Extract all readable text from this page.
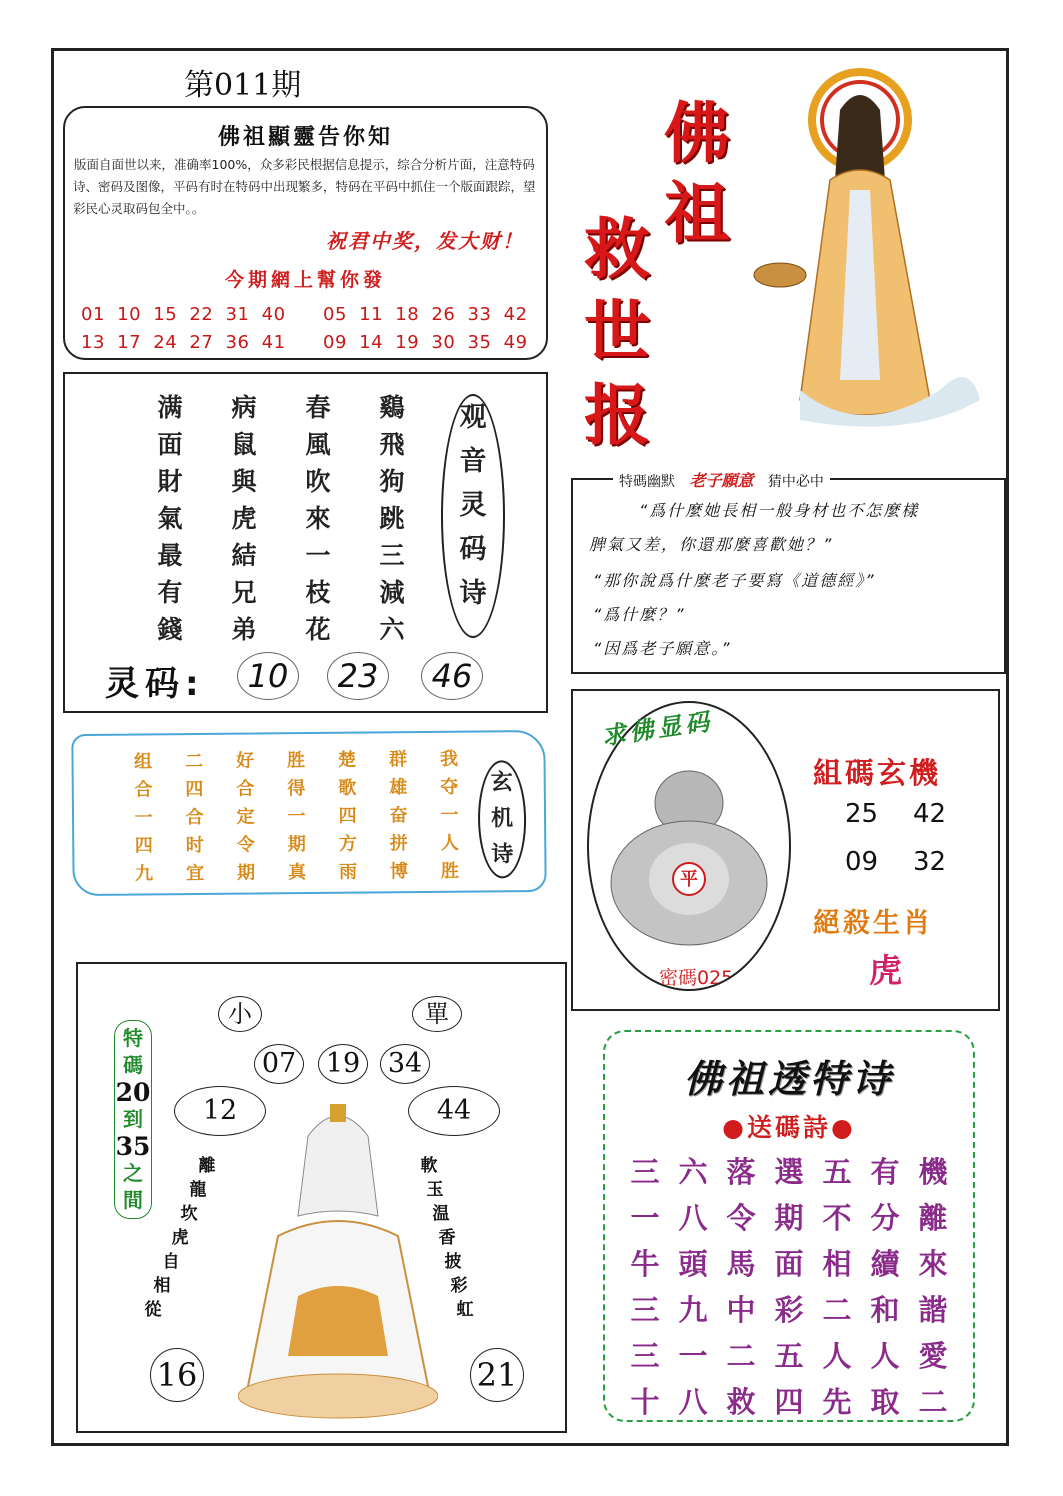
第011期
佛祖顯靈告你知
版面自面世以来，准确率100%，众多彩民根据信息提示，综合分析片面，注意特码诗、密码及图像，平码有时在特码中出现繁多，特码在平码中抓住一个版面跟踪，望彩民心灵取码包全中。。
祝君中奖，发大财！
今期網上幫你發
01 10 15 22 31 40 05 11 18 26 33 42
13 17 24 27 36 41 09 14 19 30 35 49
满	病	春	鷄
面	鼠	風	飛
財	與	吹	狗
氣	虎	來	跳
最	結	一	三
有	兄	枝	減
錢	弟	花	六
观
音
灵
码
诗
灵码:	10	23	46
组	二	好	胜	楚	群	我
合	四	合	得	歌	雄	夺
一	合	定	一	四	奋	一
四	时	令	期	方	拼	人
九	宜	期	真	雨	博	胜
玄
机
诗
佛
祖
救
世
报
特碼幽默 老子願意 猜中必中
“爲什麼她長相一般身材也不怎麼樣
脾氣又差，你還那麼喜歡她？”
“那你說爲什麼老子要寫《道德經》”
“爲什麼？”
“因爲老子願意。”
平
密碼025
求佛显码
組碼玄機
25 42
09 32
絕殺生肖
虎
小	單
07 19 34
12	44
特
碼
20
到
35
之
間
離
龍
坎
虎
自
相
從
軟
玉
温
香
披
彩
虹
16	21
佛祖透特诗
●送碼詩●
三 六 落 選 五 有 機
一 八 令 期 不 分 離
牛 頭 馬 面 相 續 來
三 九 中 彩 二 和 諧
三 一 二 五 人 人 愛
十 八 救 四 先 取 二
